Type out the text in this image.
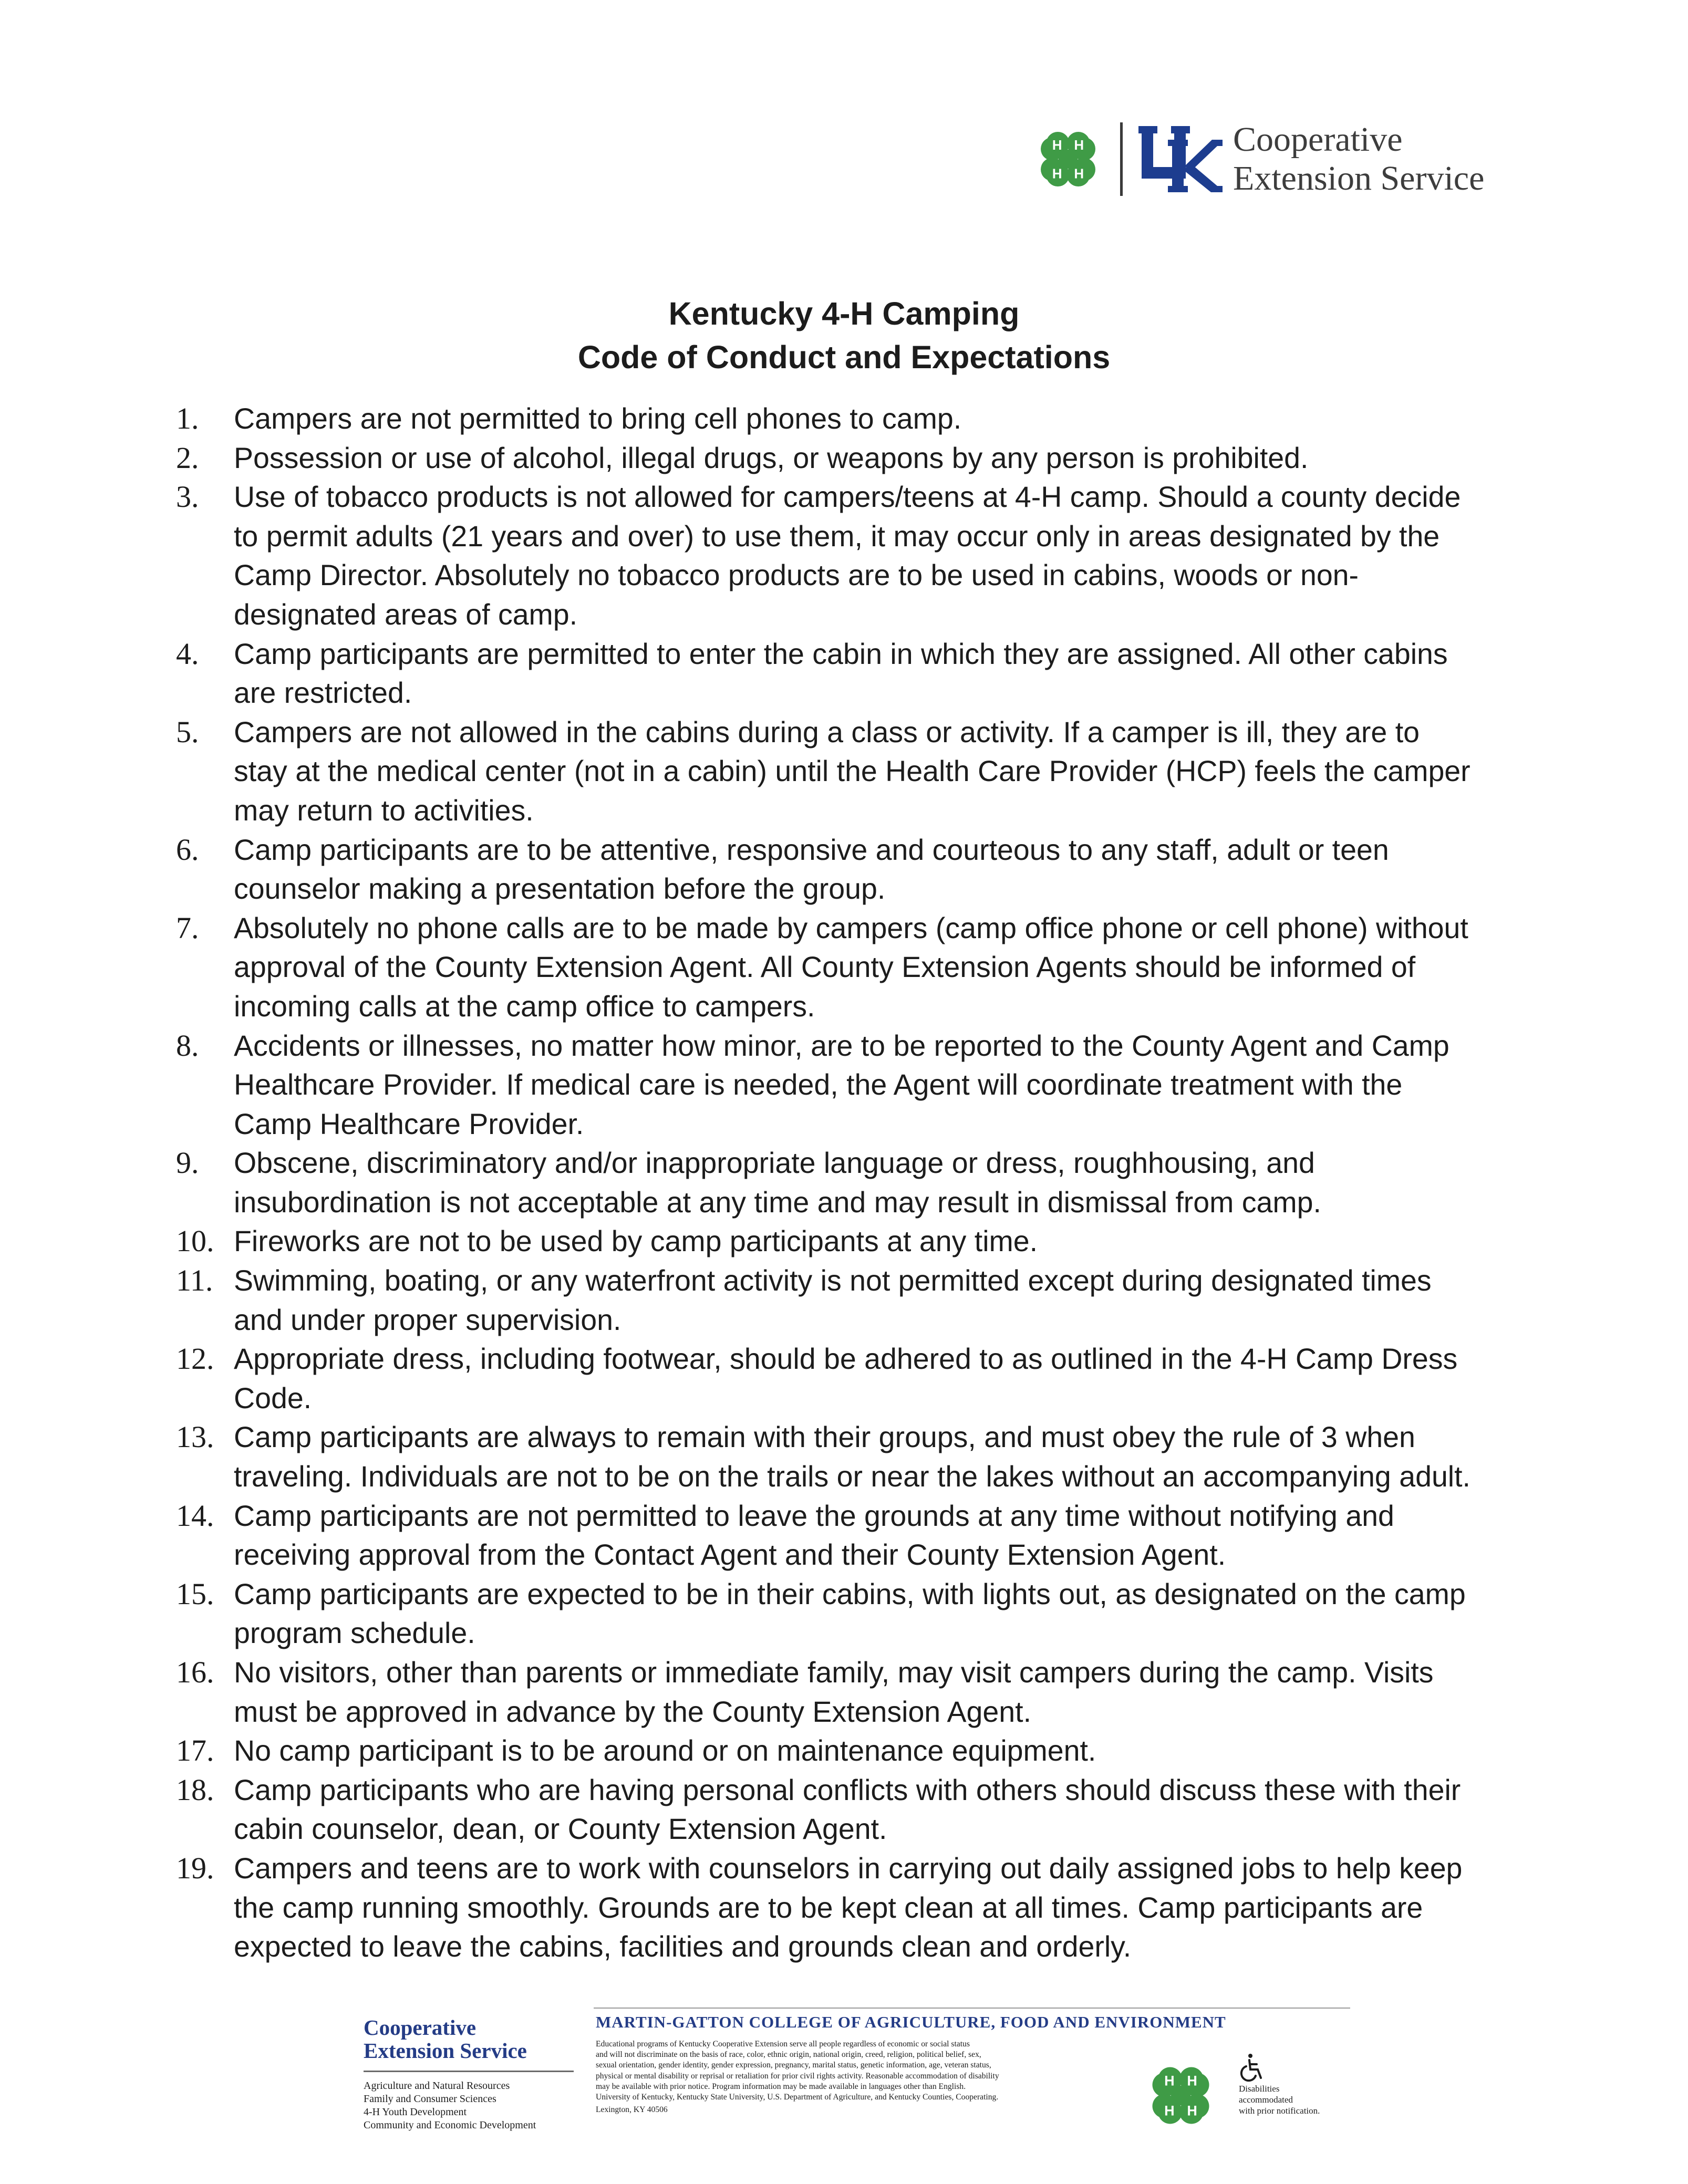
H H
H H
Cooperative
Extension Service
Kentucky 4-H Camping
Code of Conduct and Expectations
1.	Campers are not permitted to bring cell phones to camp.
2.	Possession or use of alcohol, illegal drugs, or weapons by any person is prohibited.
3.	Use of tobacco products is not allowed for campers/teens at 4-H camp. Should a county decide
to permit adults (21 years and over) to use them, it may occur only in areas designated by the
Camp Director. Absolutely no tobacco products are to be used in cabins, woods or non-
designated areas of camp.
4.	Camp participants are permitted to enter the cabin in which they are assigned. All other cabins
are restricted.
5.	Campers are not allowed in the cabins during a class or activity. If a camper is ill, they are to
stay at the medical center (not in a cabin) until the Health Care Provider (HCP) feels the camper
may return to activities.
6.	Camp participants are to be attentive, responsive and courteous to any staff, adult or teen
counselor making a presentation before the group.
7.	Absolutely no phone calls are to be made by campers (camp office phone or cell phone) without
approval of the County Extension Agent. All County Extension Agents should be informed of
incoming calls at the camp office to campers.
8.	Accidents or illnesses, no matter how minor, are to be reported to the County Agent and Camp
Healthcare Provider. If medical care is needed, the Agent will coordinate treatment with the
Camp Healthcare Provider.
9.	Obscene, discriminatory and/or inappropriate language or dress, roughhousing, and
insubordination is not acceptable at any time and may result in dismissal from camp.
10. Fireworks are not to be used by camp participants at any time.
11. Swimming, boating, or any waterfront activity is not permitted except during designated times
and under proper supervision.
12. Appropriate dress, including footwear, should be adhered to as outlined in the 4-H Camp Dress
Code.
13. Camp participants are always to remain with their groups, and must obey the rule of 3 when
traveling. Individuals are not to be on the trails or near the lakes without an accompanying adult.
14. Camp participants are not permitted to leave the grounds at any time without notifying and
receiving approval from the Contact Agent and their County Extension Agent.
15. Camp participants are expected to be in their cabins, with lights out, as designated on the camp
program schedule.
16. No visitors, other than parents or immediate family, may visit campers during the camp. Visits
must be approved in advance by the County Extension Agent.
17. No camp participant is to be around or on maintenance equipment.
18. Camp participants who are having personal conflicts with others should discuss these with their
cabin counselor, dean, or County Extension Agent.
19. Campers and teens are to work with counselors in carrying out daily assigned jobs to help keep
the camp running smoothly. Grounds are to be kept clean at all times. Camp participants are
expected to leave the cabins, facilities and grounds clean and orderly.
Cooperative
Extension Service
Agriculture and Natural Resources
Family and Consumer Sciences
4-H Youth Development
Community and Economic Development
MARTIN-GATTON COLLEGE OF AGRICULTURE, FOOD AND ENVIRONMENT
Educational programs of Kentucky Cooperative Extension serve all people regardless of economic or social status
and will not discriminate on the basis of race, color, ethnic origin, national origin, creed, religion, political belief, sex,
sexual orientation, gender identity, gender expression, pregnancy, marital status, genetic information, age, veteran status,
physical or mental disability or reprisal or retaliation for prior civil rights activity. Reasonable accommodation of disability
may be available with prior notice. Program information may be made available in languages other than English.
University of Kentucky, Kentucky State University, U.S. Department of Agriculture, and Kentucky Counties, Cooperating.
Lexington, KY 40506
H H
H H
Disabilities
accommodated
with prior notification.
